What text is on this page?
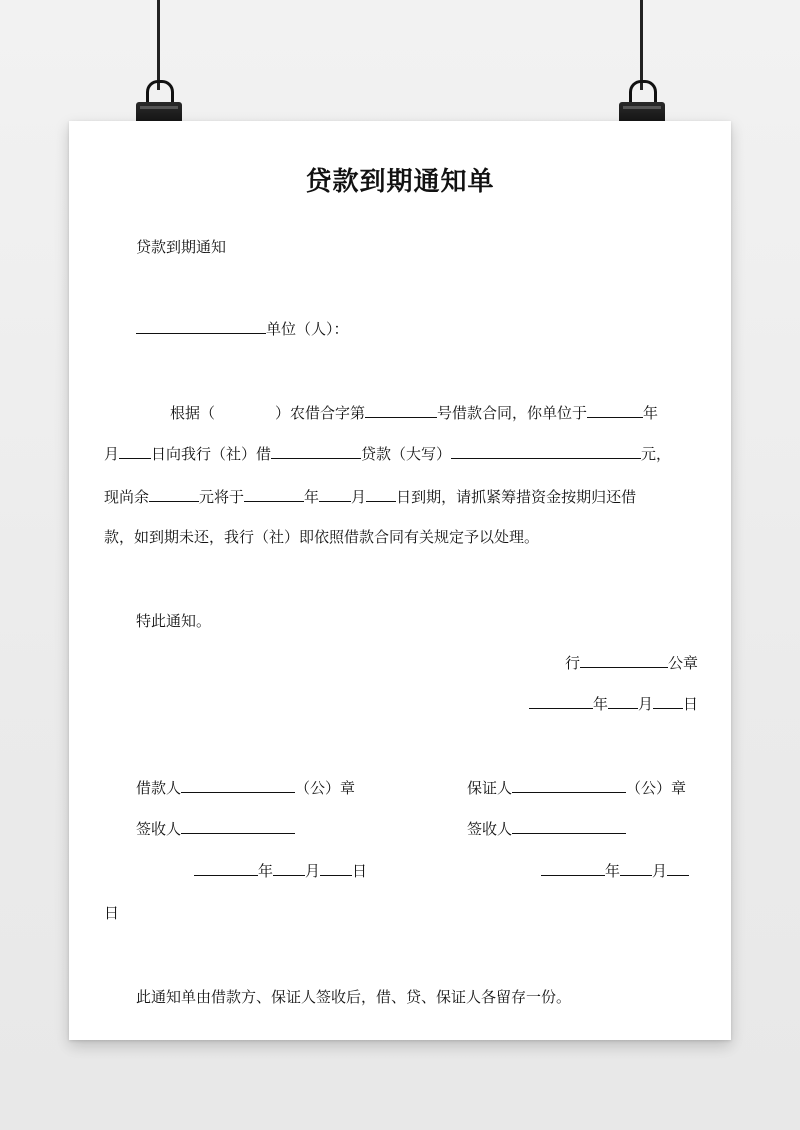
贷款到期通知单
贷款到期通知
单位（人）：
根据（	）农借合字第	号借款合同，你单位于	年
月 日向我行（社）借	贷款（大写）	元，
现尚余	元将于	年 月 日到期，请抓紧筹措资金按期归还借
款，如到期未还，我行（社）即依照借款合同有关规定予以处理。
特此通知。
行	公章
年 月 日
借款人	（公）章	保证人	（公）章
签收人	签收人
年 月 日	年 月
日
此通知单由借款方、保证人签收后，借、贷、保证人各留存一份。
